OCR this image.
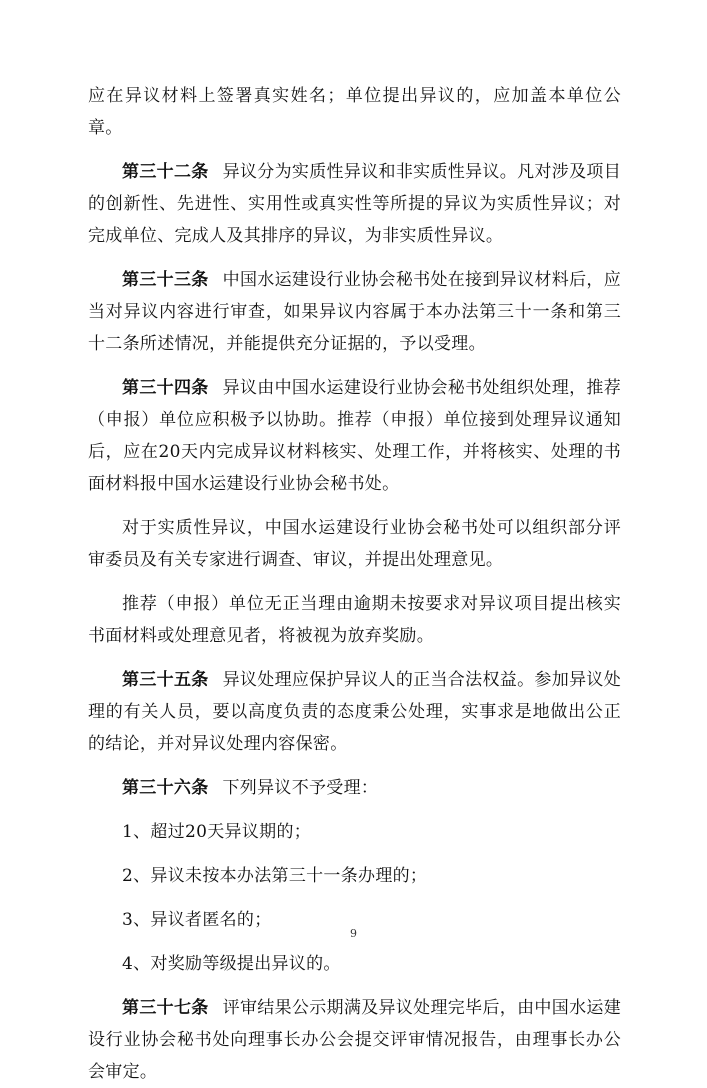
应在异议材料上签署真实姓名；单位提出异议的，应加盖本单位公章。

第三十二条 异议分为实质性异议和非实质性异议。凡对涉及项目的创新性、先进性、实用性或真实性等所提的异议为实质性异议；对完成单位、完成人及其排序的异议，为非实质性异议。

第三十三条 中国水运建设行业协会秘书处在接到异议材料后，应当对异议内容进行审查，如果异议内容属于本办法第三十一条和第三十二条所述情况，并能提供充分证据的，予以受理。

第三十四条 异议由中国水运建设行业协会秘书处组织处理，推荐（申报）单位应积极予以协助。推荐（申报）单位接到处理异议通知后，应在20天内完成异议材料核实、处理工作，并将核实、处理的书面材料报中国水运建设行业协会秘书处。

对于实质性异议，中国水运建设行业协会秘书处可以组织部分评审委员及有关专家进行调查、审议，并提出处理意见。

推荐（申报）单位无正当理由逾期未按要求对异议项目提出核实书面材料或处理意见者，将被视为放弃奖励。

第三十五条 异议处理应保护异议人的正当合法权益。参加异议处理的有关人员，要以高度负责的态度秉公处理，实事求是地做出公正的结论，并对异议处理内容保密。

第三十六条 下列异议不予受理：

1、超过20天异议期的；

2、异议未按本办法第三十一条办理的；

3、异议者匿名的；

4、对奖励等级提出异议的。

第三十七条 评审结果公示期满及异议处理完毕后，由中国水运建设行业协会秘书处向理事长办公会提交评审情况报告，由理事长办公会审定。

9
